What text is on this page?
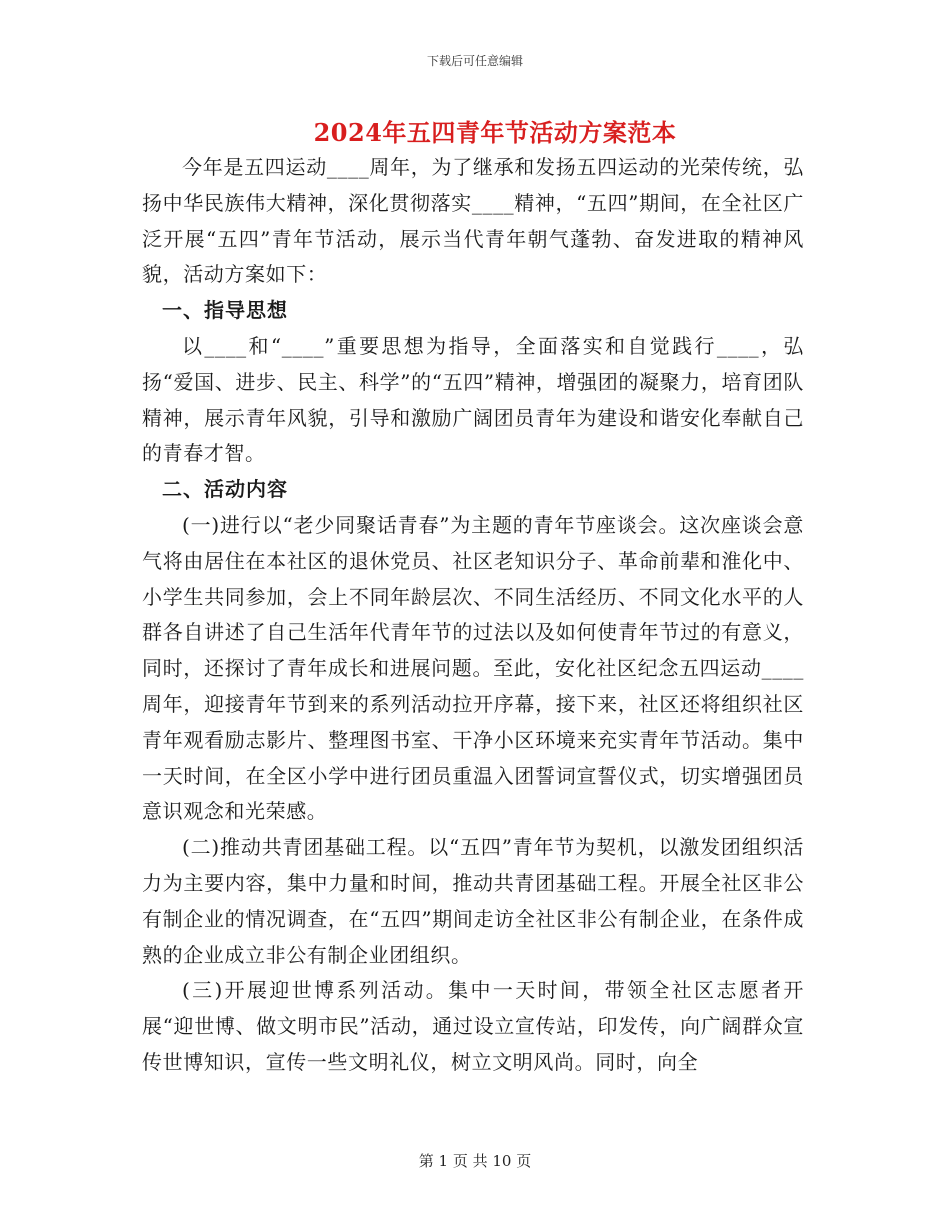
下载后可任意编辑
2024年五四青年节活动方案范本

今年是五四运动____周年，为了继承和发扬五四运动的光荣传统，弘扬中华民族伟大精神，深化贯彻落实____精神，“五四”期间，在全社区广泛开展“五四”青年节活动，展示当代青年朝气蓬勃、奋发进取的精神风貌，活动方案如下：

一、指导思想

以____和“____”重要思想为指导，全面落实和自觉践行____，弘扬“爱国、进步、民主、科学”的“五四”精神，增强团的凝聚力，培育团队精神，展示青年风貌，引导和激励广阔团员青年为建设和谐安化奉献自己的青春才智。

二、活动内容

(一)进行以“老少同聚话青春”为主题的青年节座谈会。这次座谈会意气将由居住在本社区的退休党员、社区老知识分子、革命前辈和淮化中、小学生共同参加，会上不同年龄层次、不同生活经历、不同文化水平的人群各自讲述了自己生活年代青年节的过法以及如何使青年节过的有意义，同时，还探讨了青年成长和进展问题。至此，安化社区纪念五四运动____周年，迎接青年节到来的系列活动拉开序幕，接下来，社区还将组织社区青年观看励志影片、整理图书室、干净小区环境来充实青年节活动。集中一天时间，在全区小学中进行团员重温入团誓词宣誓仪式，切实增强团员意识观念和光荣感。

(二)推动共青团基础工程。以“五四”青年节为契机，以激发团组织活力为主要内容，集中力量和时间，推动共青团基础工程。开展全社区非公有制企业的情况调查，在“五四”期间走访全社区非公有制企业，在条件成熟的企业成立非公有制企业团组织。

(三)开展迎世博系列活动。集中一天时间，带领全社区志愿者开展“迎世博、做文明市民”活动，通过设立宣传站，印发传，向广阔群众宣传世博知识，宣传一些文明礼仪，树立文明风尚。同时，向全

第 1 页 共 10 页
